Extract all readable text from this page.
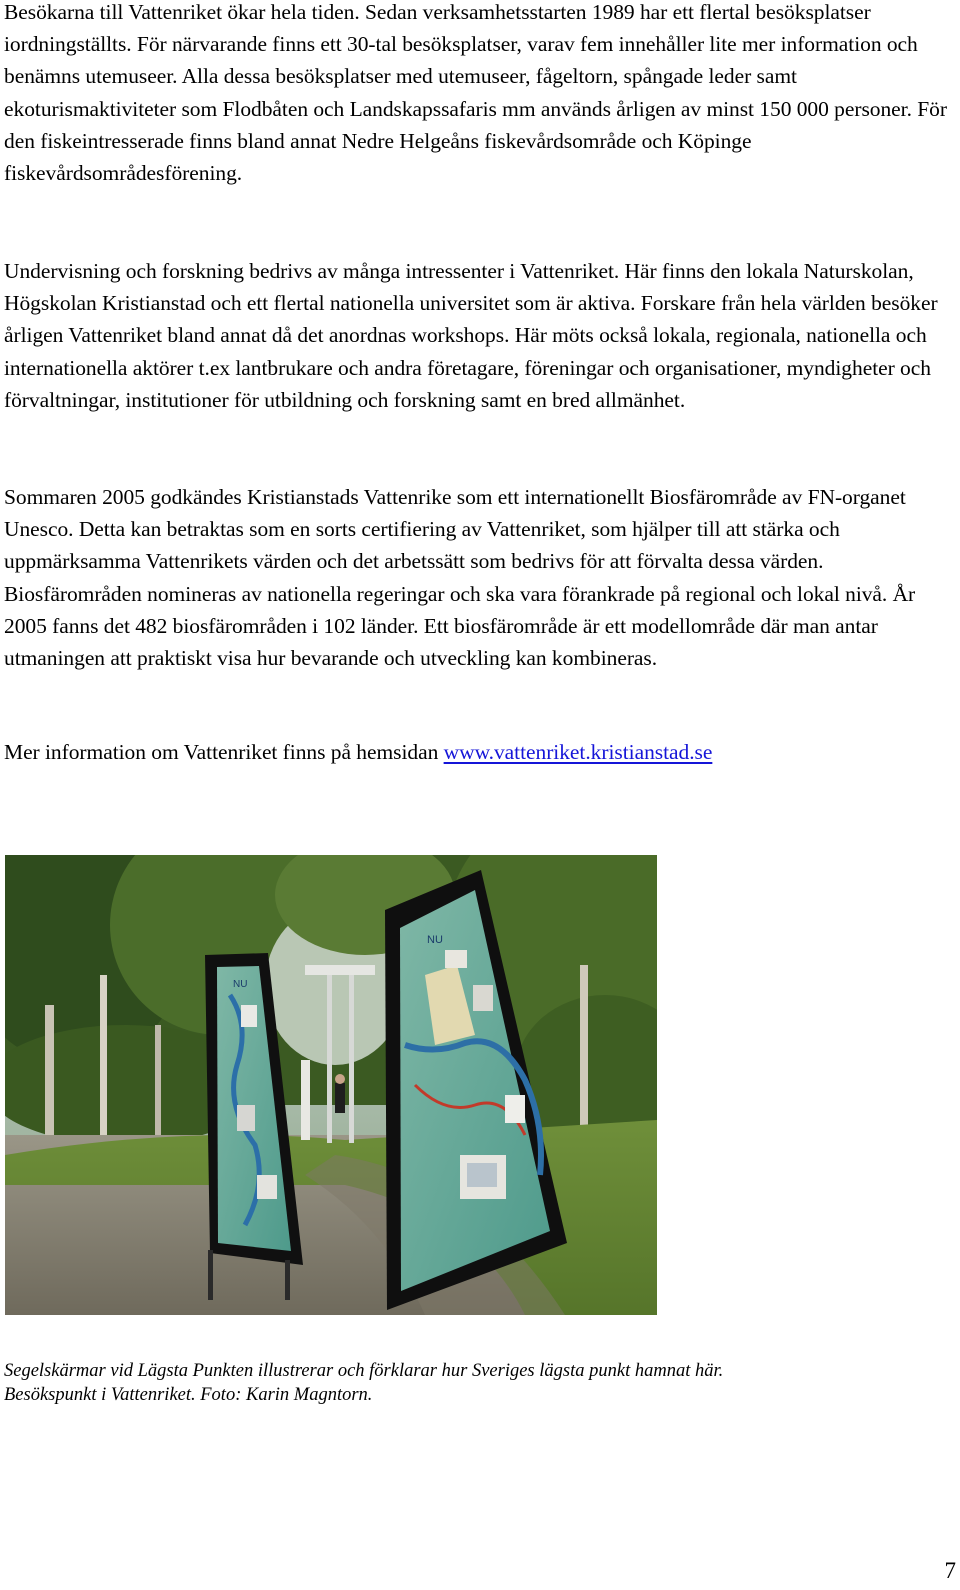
Besökarna till Vattenriket ökar hela tiden. Sedan verksamhetsstarten 1989 har ett flertal besöksplatser iordningställts. För närvarande finns ett 30-tal besöksplatser, varav fem innehåller lite mer information och benämns utemuseer. Alla dessa besöksplatser med utemuseer, fågeltorn, spångade leder samt ekoturismaktiviteter som Flodbåten och Landskapssafaris mm används årligen av minst 150 000 personer. För den fiskeintresserade finns bland annat Nedre Helgeåns fiskevårdsområde och Köpinge fiskevårdsområdesförening.

Undervisning och forskning bedrivs av många intressenter i Vattenriket. Här finns den lokala Naturskolan, Högskolan Kristianstad och ett flertal nationella universitet som är aktiva. Forskare från hela världen besöker årligen Vattenriket bland annat då det anordnas workshops. Här möts också lokala, regionala, nationella och internationella aktörer t.ex lantbrukare och andra företagare, föreningar och organisationer, myndigheter och förvaltningar, institutioner för utbildning och forskning samt en bred allmänhet.

Sommaren 2005 godkändes Kristianstads Vattenrike som ett internationellt Biosfärområde av FN-organet Unesco. Detta kan betraktas som en sorts certifiering av Vattenriket, som hjälper till att stärka och uppmärksamma Vattenrikets värden och det arbetssätt som bedrivs för att förvalta dessa värden. Biosfärområden nomineras av nationella regeringar och ska vara förankrade på regional och lokal nivå. År 2005 fanns det 482 biosfärområden i 102 länder. Ett biosfärområde är ett modellområde där man antar utmaningen att praktiskt visa hur bevarande och utveckling kan kombineras.

Mer information om Vattenriket finns på hemsidan www.vattenriket.kristianstad.se

NU
NU

Segelskärmar vid Lägsta Punkten illustrerar och förklarar hur Sveriges lägsta punkt hamnat här.
Besökspunkt i Vattenriket. Foto: Karin Magntorn.

7
